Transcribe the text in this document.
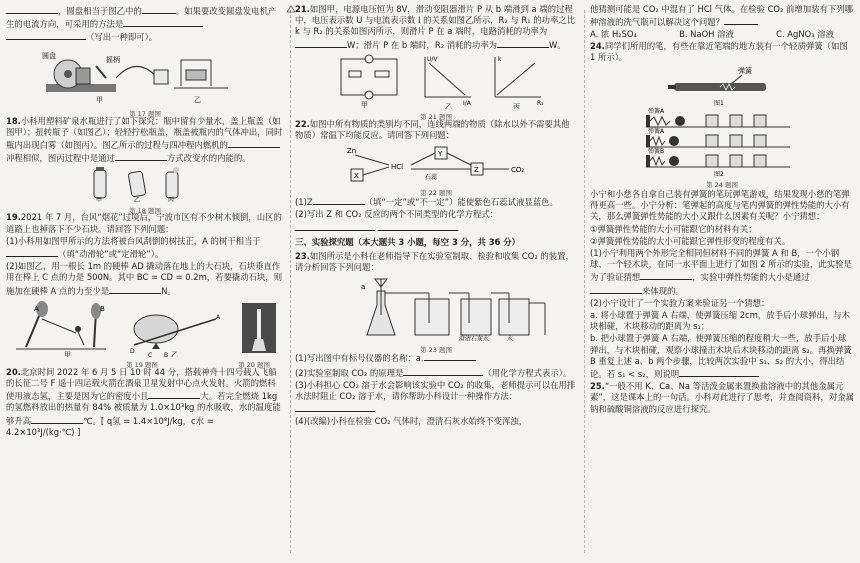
，圆盘相当于图乙中的	。如果要改变圆盘发电机产生的电流方向，可采用的方法是 （写出一种即可）。

圆盘	摇柄
甲	乙
第 17 题图

18.小科用塑料矿泉水瓶进行了如下探究：瓶中留有少量水，盖上瓶盖（如图甲）；扭转瓶子（如图乙）；轻轻拧松瓶盖，瓶盖被瓶内的气体冲出，同时瓶内出现白雾（如图丙）。图乙所示的过程与四冲程内燃机的冲程相似，图丙过程中是通过	方式改变水的内能的。

甲	乙	丙
第 18 题图

19.2021 年 7 月，台风“烟花”过境后，宁波市区有不少树木倾倒，山区的道路上也掉落下不少石块。请回答下列问题：

(1)小科用如图甲所示的方法将被台风刮倒的树扶正，A 的树干相当于（填“动滑轮”或“定滑轮”）。

(2)如图乙，用一根长 1m 的硬棒 AD 撬动落在地上的大石块，石块垂直作用在棒上 C 点的力是 500N。其中 BC = CD = 0.2m，若要撬动石块，则施加在硬棒 A 点的力至少是	N。

A	B
甲	D
C B
A
乙
第 19 题图	第 20 题图

20.北京时间 2022 年 6 月 5 日 10 时 44 分，搭载神舟十四号载人飞船的长征二号 F 遥十四运载火箭在酒泉卫星发射中心点火发射。火箭的燃料使用液态氢，主要是因为它的密度小且	大。若完全燃烧 1kg 的氢燃料放出的热量有 84% 被质量为 1.0×10³kg 的水吸收，水的温度能够升高	℃。[ q氢 = 1.4×10⁸J/kg，c水 = 4.2×10³J/(kg·℃) ]

21.如图甲，电源电压恒为 8V，滑动变阻器滑片 P 从 b 端滑到 a 端的过程中，电压表示数 U 与电流表示数 I 的关系如图乙所示，R₂ 与 R₁ 的功率之比 k 与 R₂ 的关系如图丙所示，则滑片 P 在 a 端时，电路消耗的功率为W；滑片 P 在 b 端时，R₂ 消耗的功率为	W。

甲
U/V
I/A
乙
k
R₂
丙
第 21 题图

22.如图中所有物质的类别均不同，连线两端的物质（除水以外不需要其他物质）常温下均能反应。请回答下列问题：

Zn
X
HCl
Y
石蕊
Z	CO₂
第 22 题图

(1)Z	（填“一定”或“不一定”）能使紫色石蕊试液显蓝色。

(2)写出 Z 和 CO₂ 反应的两个不同类型的化学方程式：

三、实验探究题（本大题共 3 小题，每空 3 分，共 36 分）

23.如图所示是小科在老师指导下在实验室制取、检验和收集 CO₂ 的装置，请分析回答下列问题：

a
澄清石灰水	水
第 23 题图

(1)写出图中有标号仪器的名称：a.

(2)实验室制取 CO₂ 的原理是	（用化学方程式表示）。

(3)小科担心 CO₂ 溶于水会影响该实验中 CO₂ 的收集，老师提示可以在用排水法时阻止 CO₂ 溶于水，请你帮助小科设计一种操作方法：

(4)(改编)小科在检验 CO₂ 气体时，澄清石灰水始终不变浑浊，

他猜测可能是 CO₂ 中混有了 HCl 气体。在检验 CO₂ 前增加装有下列哪种溶液的洗气瓶可以解决这个问题？

A. 浓 H₂SO₄	B. NaOH 溶液	C. AgNO₃ 溶液

24.同学们所用的笔，有些在靠近笔端的地方装有一个轻质弹簧（如图 1 所示）。

弹簧
图1
弹簧A
弹簧A
弹簧B
图2
第 24 题图

小宁和小慈各自拿自己装有弹簧的笔玩弹笔游戏，结果发现小慈的笔弹得更高一些。小宁分析：笔弹起的高度与笔内弹簧的弹性势能的大小有关，那么弹簧弹性势能的大小又跟什么因素有关呢？小宁猜想：

①弹簧弹性势能的大小可能跟它的材料有关；

②弹簧弹性势能的大小可能跟它弹性形变的程度有关。

(1)小宁利用两个外形完全相同但材料不同的弹簧 A 和 B，一个小钢球、一个轻木块，在同一水平面上进行了如图 2 所示的实验，此实验是为了验证猜想	，实验中弹性势能的大小是通过来体现的。

(2)小宁设计了一个实验方案来验证另一个猜想：

a. 将小球置于弹簧 A 右端，使弹簧压缩 2cm，放手后小球弹出，与木块相碰，木块移动的距离为 s₁；

b. 把小球置于弹簧 A 右端，使弹簧压缩的程度稍大一些，放手后小球弹出，与木块相碰，观察小球撞击木块后木块移动的距离 s₂。再换弹簧 B 重复上述 a、b 两个步骤，比较两次实验中 s₁、s₂ 的大小，得出结论。若 s₁ < s₂，则说明

25.“一般不用 K、Ca、Na 等活泼金属来置换盐溶液中的其他金属元素”，这是课本上的一句话。小科对此进行了思考，并查阅资料，对金属钠和硫酸铜溶液的反应进行探究。
